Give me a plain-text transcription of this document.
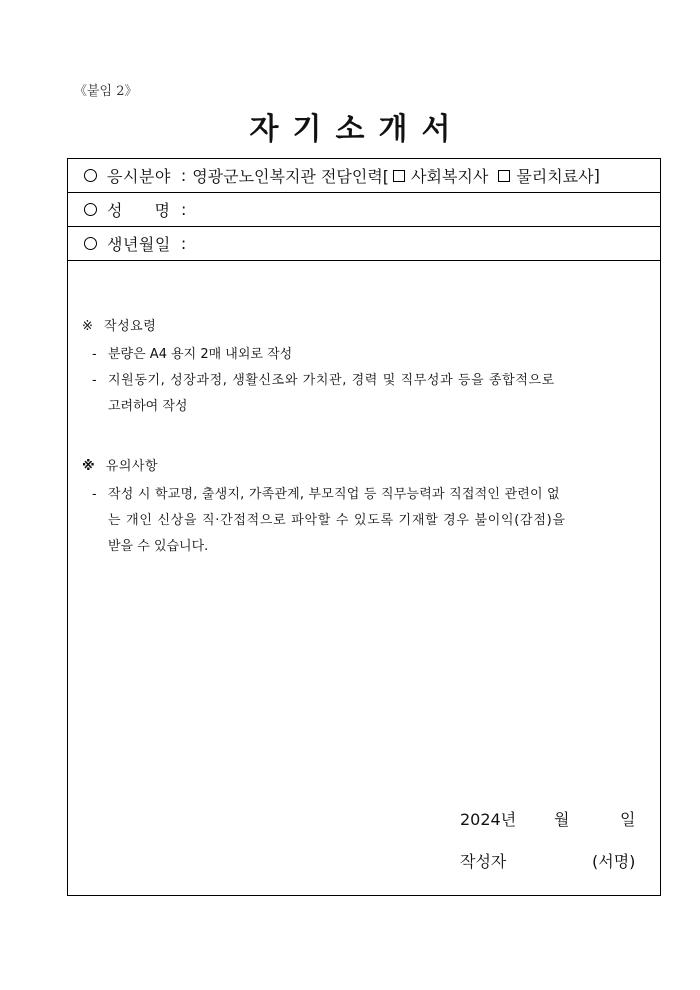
《붙임 2》
자기소개서
응시분야 : 영광군노인복지관 전담인력[ 사회복지사 물리치료사 ]
성　　명 :
생년월일 :
※ 작성요령
- 분량은 A4 용지 2매 내외로 작성
- 지원동기, 성장과정, 생활신조와 가치관, 경력 및 직무성과 등을 종합적으로
고려하여 작성
※ 유의사항
- 작성 시 학교명, 출생지, 가족관계, 부모직업 등 직무능력과 직접적인 관련이 없
는 개인 신상을 직·간접적으로 파악할 수 있도록 기재할 경우 불이익(감점)을
받을 수 있습니다.
2024년 월	일
작성자	(서명)
